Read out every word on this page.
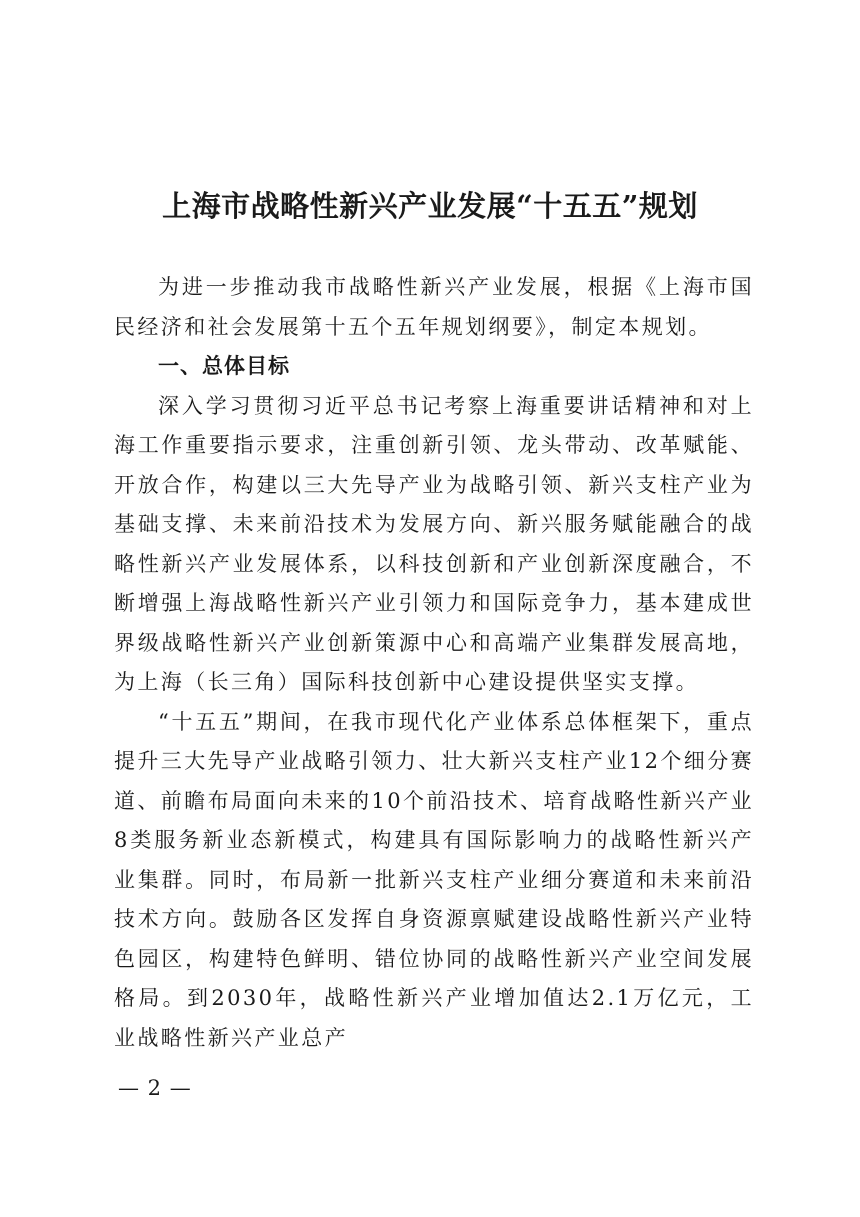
上海市战略性新兴产业发展“十五五”规划

为进一步推动我市战略性新兴产业发展，根据《上海市国民经济和社会发展第十五个五年规划纲要》，制定本规划。

一、总体目标

深入学习贯彻习近平总书记考察上海重要讲话精神和对上海工作重要指示要求，注重创新引领、龙头带动、改革赋能、开放合作，构建以三大先导产业为战略引领、新兴支柱产业为基础支撑、未来前沿技术为发展方向、新兴服务赋能融合的战略性新兴产业发展体系，以科技创新和产业创新深度融合，不断增强上海战略性新兴产业引领力和国际竞争力，基本建成世界级战略性新兴产业创新策源中心和高端产业集群发展高地，为上海（长三角）国际科技创新中心建设提供坚实支撑。

“十五五”期间，在我市现代化产业体系总体框架下，重点提升三大先导产业战略引领力、壮大新兴支柱产业12个细分赛道、前瞻布局面向未来的10个前沿技术、培育战略性新兴产业8类服务新业态新模式，构建具有国际影响力的战略性新兴产业集群。同时，布局新一批新兴支柱产业细分赛道和未来前沿技术方向。鼓励各区发挥自身资源禀赋建设战略性新兴产业特色园区，构建特色鲜明、错位协同的战略性新兴产业空间发展格局。到2030年，战略性新兴产业增加值达2.1万亿元，工业战略性新兴产业总产

— 2 —
